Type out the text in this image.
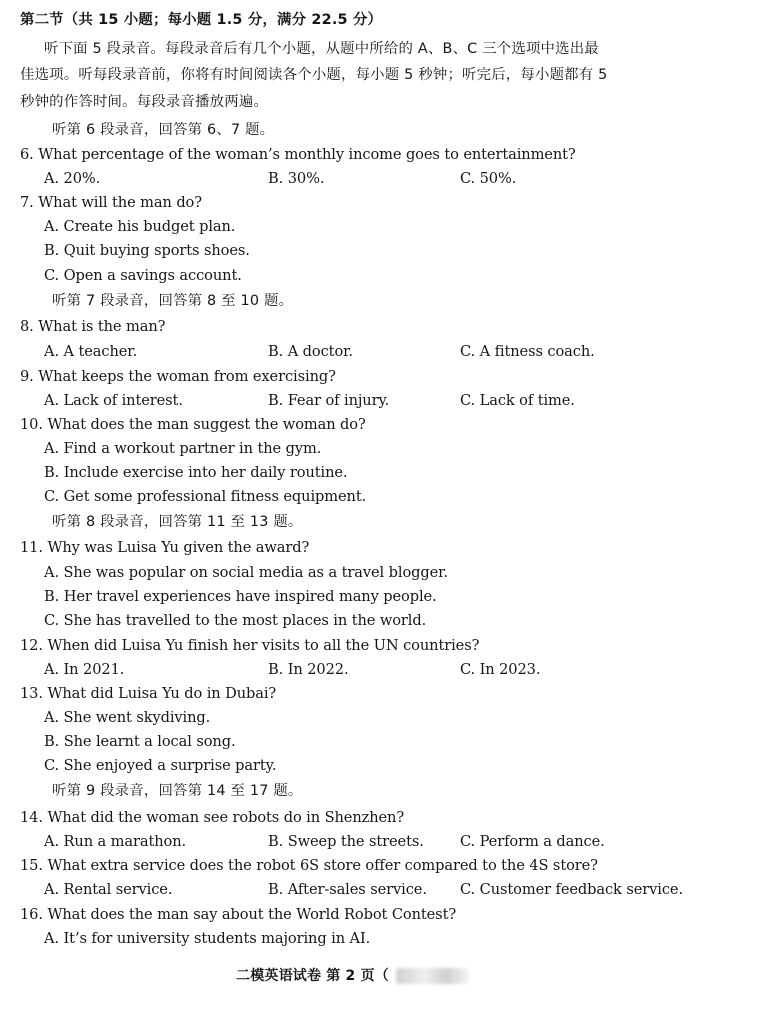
第二节（共 15 小题；每小题 1.5 分，满分 22.5 分）
听下面 5 段录音。每段录音后有几个小题，从题中所给的 A、B、C 三个选项中选出最
佳选项。听每段录音前，你将有时间阅读各个小题，每小题 5 秒钟；听完后，每小题都有 5
秒钟的作答时间。每段录音播放两遍。
听第 6 段录音，回答第 6、7 题。
6. What percentage of the woman’s monthly income goes to entertainment?
A. 20%.	B. 30%.	C. 50%.
7. What will the man do?
A. Create his budget plan.
B. Quit buying sports shoes.
C. Open a savings account.
听第 7 段录音，回答第 8 至 10 题。
8. What is the man?
A. A teacher.	B. A doctor.	C. A fitness coach.
9. What keeps the woman from exercising?
A. Lack of interest.	B. Fear of injury.	C. Lack of time.
10. What does the man suggest the woman do?
A. Find a workout partner in the gym.
B. Include exercise into her daily routine.
C. Get some professional fitness equipment.
听第 8 段录音，回答第 11 至 13 题。
11. Why was Luisa Yu given the award?
A. She was popular on social media as a travel blogger.
B. Her travel experiences have inspired many people.
C. She has travelled to the most places in the world.
12. When did Luisa Yu finish her visits to all the UN countries?
A. In 2021.	B. In 2022.	C. In 2023.
13. What did Luisa Yu do in Dubai?
A. She went skydiving.
B. She learnt a local song.
C. She enjoyed a surprise party.
听第 9 段录音，回答第 14 至 17 题。
14. What did the woman see robots do in Shenzhen?
A. Run a marathon.	B. Sweep the streets. C. Perform a dance.
15. What extra service does the robot 6S store offer compared to the 4S store?
A. Rental service.	B. After-sales service. C. Customer feedback service.
16. What does the man say about the World Robot Contest?
A. It’s for university students majoring in AI.
二模英语试卷 第 2 页（
